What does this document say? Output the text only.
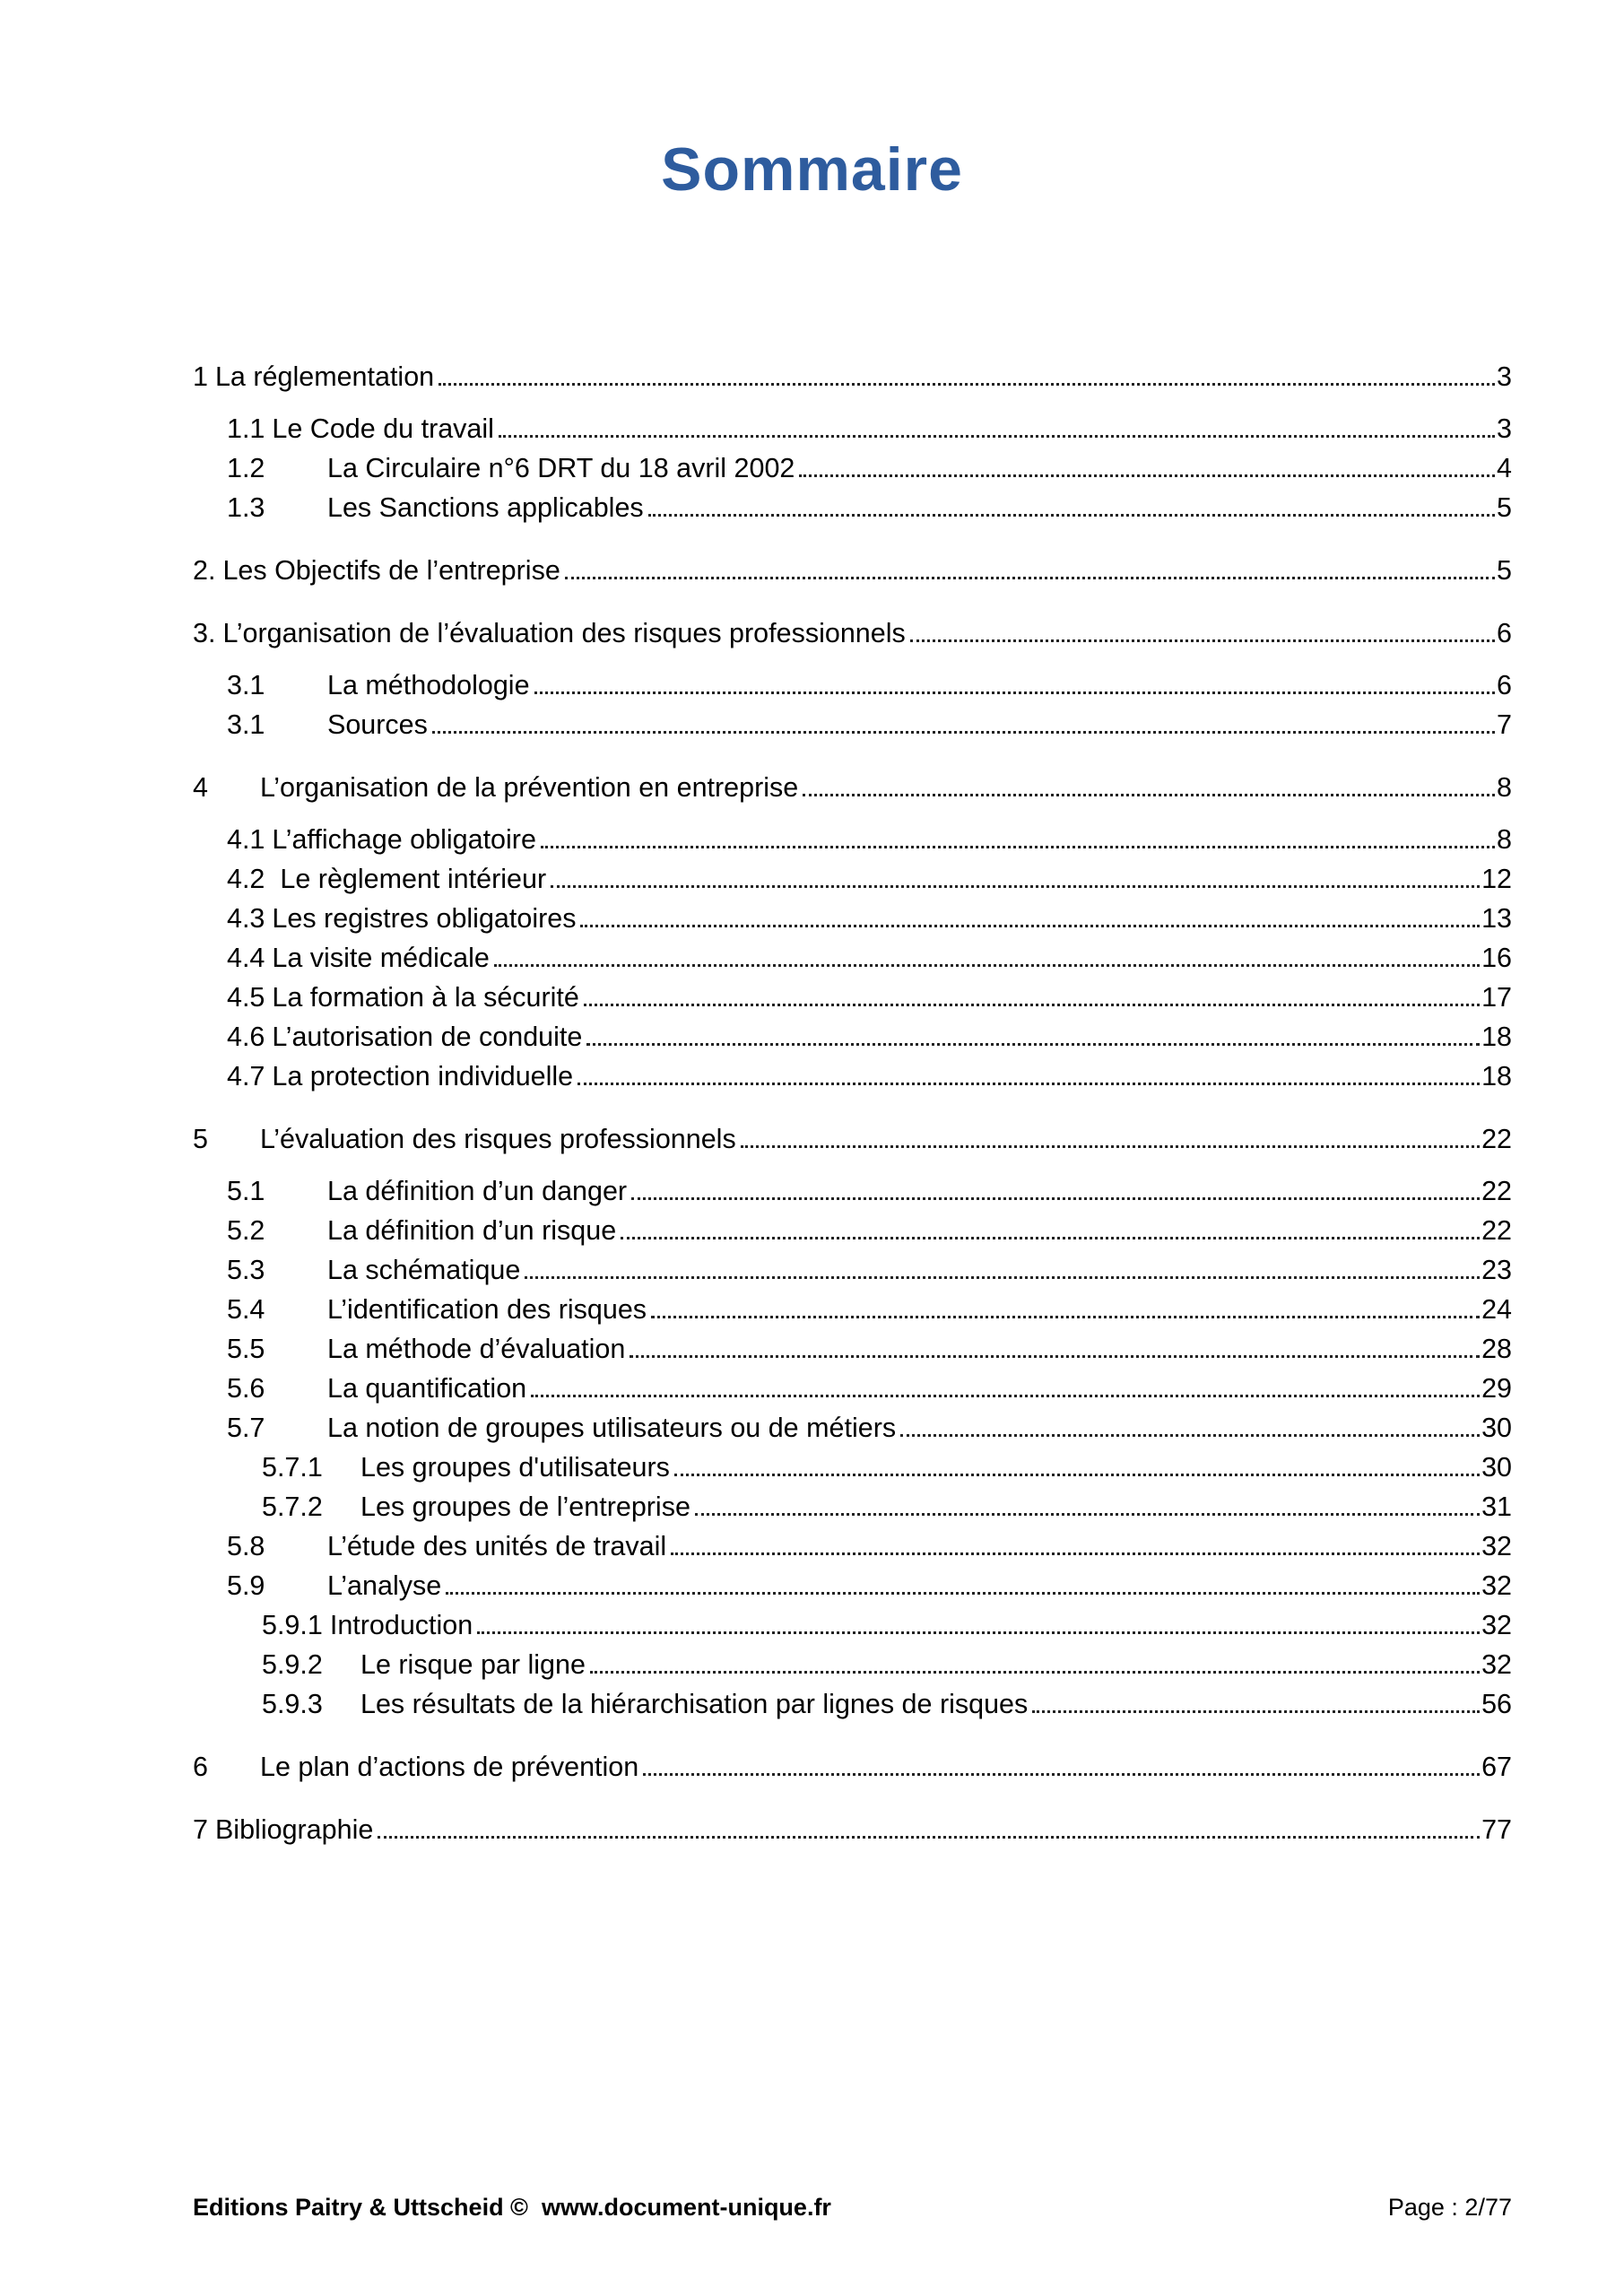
Sommaire
1 La réglementation	3
1.1 Le Code du travail	3
1.2	La Circulaire n°6 DRT du 18 avril 2002	4
1.3	Les Sanctions applicables	5
2. Les Objectifs de l’entreprise	5
3. L’organisation de l’évaluation des risques professionnels	6
3.1	La méthodologie	6
3.1	Sources	7
4	L’organisation de la prévention en entreprise	8
4.1 L’affichage obligatoire	8
4.2 Le règlement intérieur	12
4.3 Les registres obligatoires	13
4.4 La visite médicale	16
4.5 La formation à la sécurité	17
4.6 L’autorisation de conduite	18
4.7 La protection individuelle	18
5	L’évaluation des risques professionnels	22
5.1	La définition d’un danger	22
5.2	La définition d’un risque	22
5.3	La schématique	23
5.4	L’identification des risques	24
5.5	La méthode d’évaluation	28
5.6	La quantification	29
5.7	La notion de groupes utilisateurs ou de métiers	30
5.7.1	Les groupes d'utilisateurs	30
5.7.2	Les groupes de l’entreprise	31
5.8	L’étude des unités de travail	32
5.9	L’analyse	32
5.9.1 Introduction	32
5.9.2	Le risque par ligne	32
5.9.3	Les résultats de la hiérarchisation par lignes de risques	56
6	Le plan d’actions de prévention	67
7 Bibliographie	77
Editions Paitry & Uttscheid ©  www.document-unique.fr	Page : 2/77
